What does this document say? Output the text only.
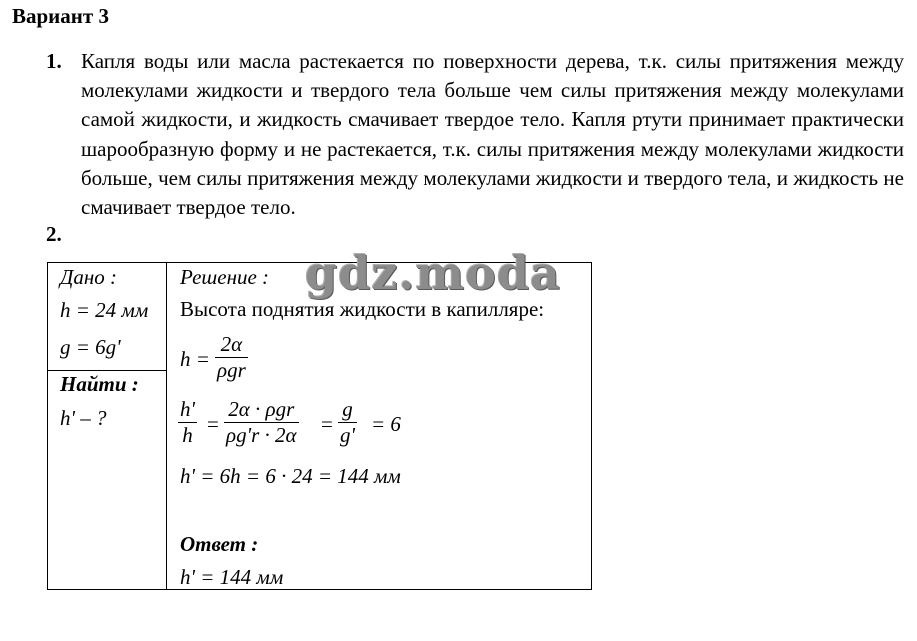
Вариант 3
1. Капля воды или масла растекается по поверхности дерева, т.к. силы притяжения между молекулами жидкости и твердого тела больше чем силы притяжения между молекулами самой жидкости, и жидкость смачивает твердое тело. Капля ртути принимает практически шарообразную форму и не растекается, т.к. силы притяжения между молекулами жидкости больше, чем силы притяжения между молекулами жидкости и твердого тела, и жидкость не смачивает твердое тело.

2.
Дано :
h = 24 мм
g = 6g'
Найти :
h' – ?
Решение :
Высота поднятия жидкости в капилляре:
h =
2α
ρgr
h'
h =
2α · ρgr
ρg'r · 2α =
g
g' = 6
h' = 6h = 6 · 24 = 144 мм
Ответ :
h' = 144 мм
gdz.moda
